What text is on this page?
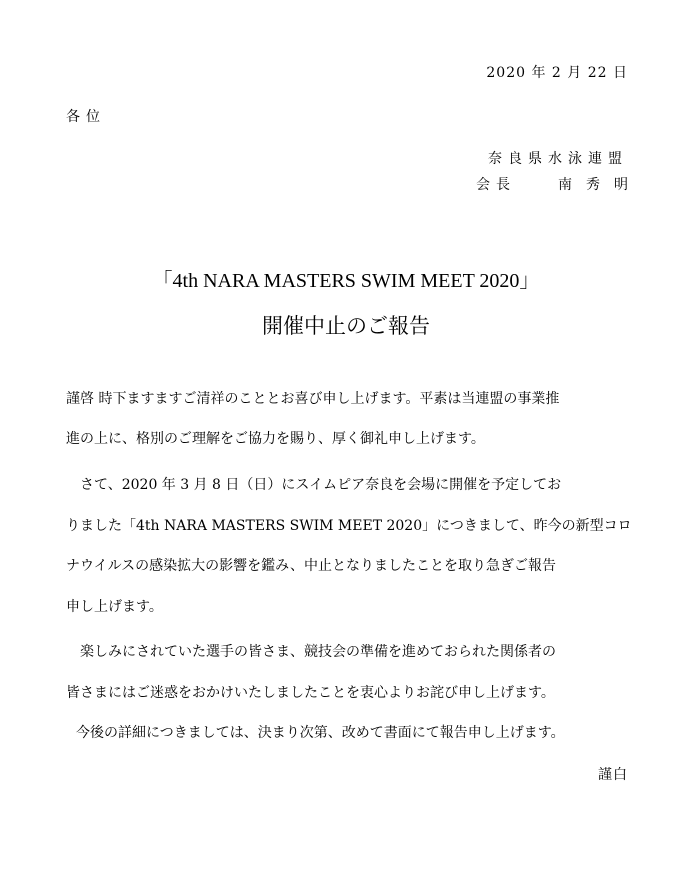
2020 年 2 月 22 日
各位
奈良県水泳連盟
会長	南秀明
「4th NARA MASTERS SWIM MEET 2020」
開催中止のご報告
謹啓 時下ますますご清祥のこととお喜び申し上げます。平素は当連盟の事業推
進の上に、格別のご理解をご協力を賜り、厚く御礼申し上げます。
さて、2020 年 3 月 8 日（日）にスイムピア奈良を会場に開催を予定してお
りました「4th NARA MASTERS SWIM MEET 2020」につきまして、昨今の新型コロ
ナウイルスの感染拡大の影響を鑑み、中止となりましたことを取り急ぎご報告
申し上げます。
楽しみにされていた選手の皆さま、競技会の準備を進めておられた関係者の
皆さまにはご迷惑をおかけいたしましたことを衷心よりお詫び申し上げます。
今後の詳細につきましては、決まり次第、改めて書面にて報告申し上げます。
謹白
